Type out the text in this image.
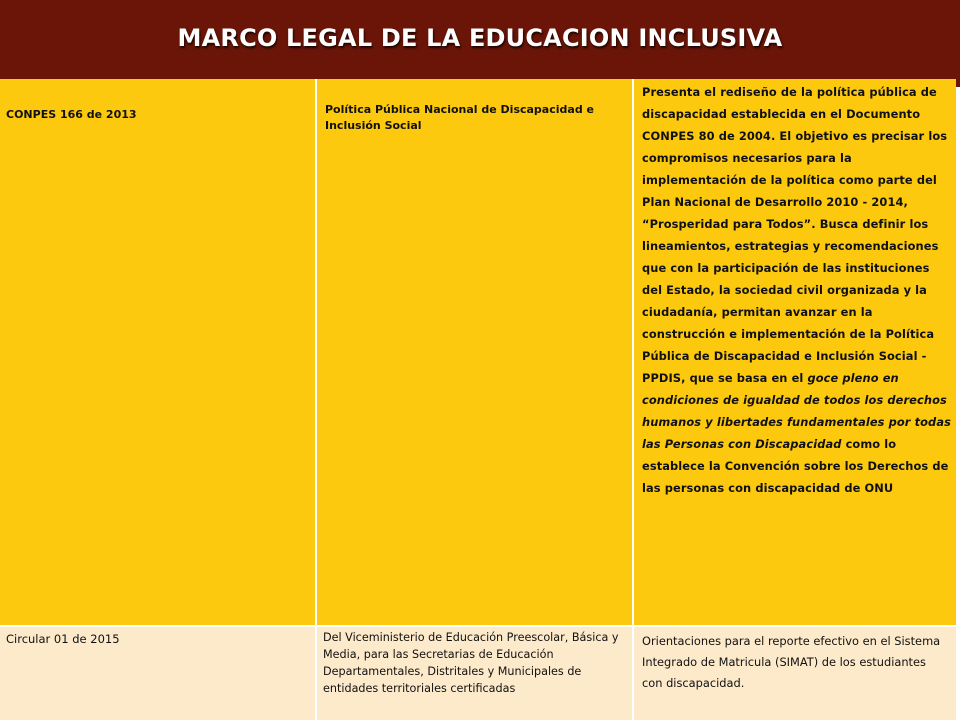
MARCO LEGAL DE LA EDUCACION INCLUSIVA
CONPES 166 de 2013	Política Pública Nacional de Discapacidad e Inclusión Social	Presenta el rediseño de la política pública de discapacidad establecida en el Documento CONPES 80 de 2004. El objetivo es precisar los compromisos necesarios para la implementación de la política como parte del Plan Nacional de Desarrollo 2010 - 2014, “Prosperidad para Todos”. Busca definir los lineamientos, estrategias y recomendaciones que con la participación de las instituciones del Estado, la sociedad civil organizada y la ciudadanía, permitan avanzar en la construcción e implementación de la Política Pública de Discapacidad e Inclusión Social - PPDIS, que se basa en el goce pleno en condiciones de igualdad de todos los derechos humanos y libertades fundamentales por todas las Personas con Discapacidad como lo establece la Convención sobre los Derechos de las personas con discapacidad de ONU

Circular 01 de 2015	Del Viceministerio de Educación Preescolar, Básica y Media, para las Secretarias de Educación Departamentales, Distritales y Municipales de entidades territoriales certificadas	Orientaciones para el reporte efectivo en el Sistema Integrado de Matricula (SIMAT) de los estudiantes con discapacidad.
